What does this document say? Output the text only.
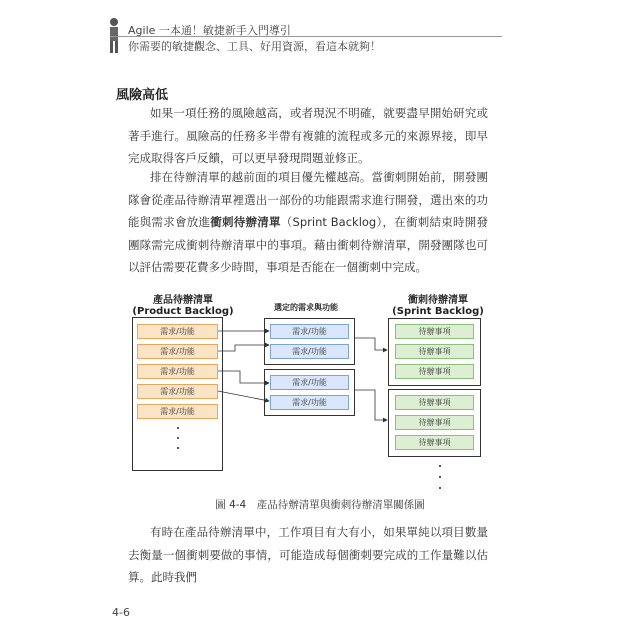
Agile 一本通！敏捷新手入門導引
你需要的敏捷觀念、工具、好用資源，看這本就夠！
風險高低

如果一項任務的風險越高，或者現況不明確，就要盡早開始研究或著手進行。風險高的任務多半帶有複雜的流程或多元的來源界接，即早完成取得客戶反饋，可以更早發現問題並修正。

排在待辦清單的越前面的項目優先權越高。當衝刺開始前，開發團隊會從產品待辦清單裡選出一部份的功能跟需求進行開發，選出來的功能與需求會放進衝刺待辦清單（Sprint Backlog），在衝刺結束時開發團隊需完成衝刺待辦清單中的事項。藉由衝刺待辦清單，開發團隊也可以評估需要花費多少時間，事項是否能在一個衝刺中完成。

產品待辦清單
(Product Backlog)	選定的需求與功能
衝刺待辦清單
(Sprint Backlog)
需求/功能
需求/功能
需求/功能
需求/功能
需求/功能
需求/功能
需求/功能
需求/功能
需求/功能
待辦事項
待辦事項
待辦事項
待辦事項
待辦事項
待辦事項
圖 4-4　產品待辦清單與衝刺待辦清單關係圖

有時在產品待辦清單中，工作項目有大有小，如果單純以項目數量去衡量一個衝刺要做的事情，可能造成每個衝刺要完成的工作量難以估算。此時我們

4-6
